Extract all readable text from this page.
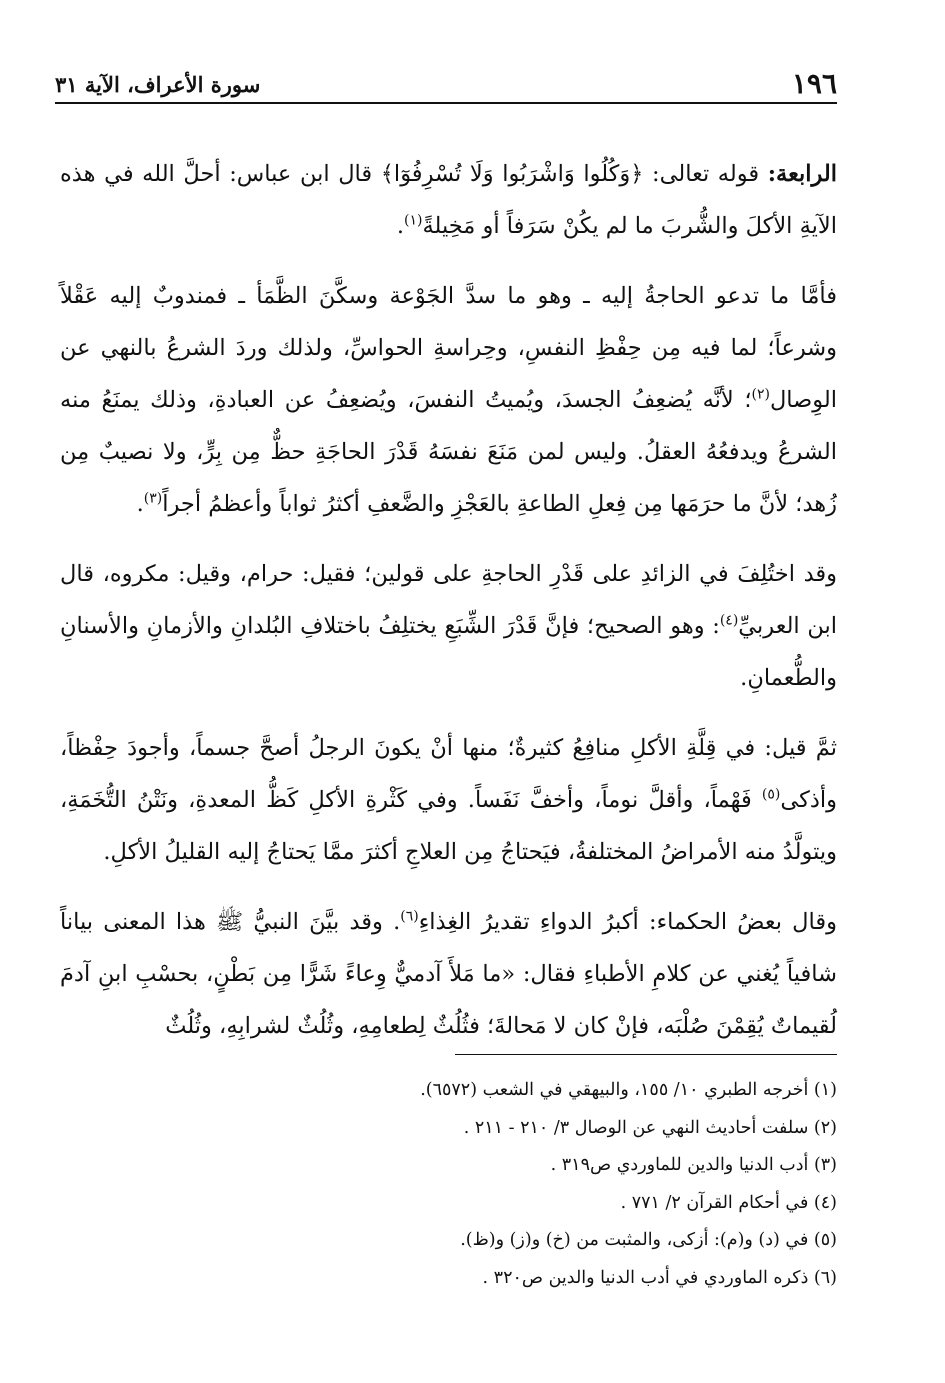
١٩٦
سورة الأعراف، الآية ٣١

الرابعة: قوله تعالى: ﴿وَكُلُوا وَاشْرَبُوا وَلَا تُسْرِفُوٓا﴾ قال ابن عباس: أحلَّ الله في هذه الآيةِ الأكلَ والشُّربَ ما لم يكُنْ سَرَفاً أو مَخِيلةً$^{(١)}$.

فأمَّا ما تدعو الحاجةُ إليه ـ وهو ما سدَّ الجَوْعة وسكَّنَ الظَّمَأ ـ فمندوبٌ إليه عَقْلاً وشرعاً؛ لما فيه مِن حِفْظِ النفسِ، وحِراسةِ الحواسِّ، ولذلك وردَ الشرعُ بالنهي عن الوِصال$^{(٢)}$؛ لأنَّه يُضعِفُ الجسدَ، ويُميتُ النفسَ، ويُضعِفُ عن العبادةِ، وذلك يمنَعُ منه الشرعُ ويدفعُهُ العقلُ. وليس لمن مَنَعَ نفسَهُ قَدْرَ الحاجَةِ حظٌّ مِن بِرٍّ، ولا نصيبٌ مِن زُهد؛ لأنَّ ما حرَمَها مِن فِعلِ الطاعةِ بالعَجْزِ والضَّعفِ أكثرُ ثواباً وأعظمُ أجراً$^{(٣)}$.

وقد اختُلِفَ في الزائدِ على قَدْرِ الحاجةِ على قولين؛ فقيل: حرام، وقيل: مكروه، قال ابن العربيِّ$^{(٤)}$: وهو الصحيح؛ فإنَّ قَدْرَ الشِّبَعِ يختلِفُ باختلافِ البُلدانِ والأزمانِ والأسنانِ والطُّعمانِ.

ثمَّ قيل: في قِلَّةِ الأكلِ منافِعُ كثيرةٌ؛ منها أنْ يكونَ الرجلُ أصحَّ جسماً، وأجودَ حِفْظاً، وأذكى$^{(٥)}$ فَهْماً، وأقلَّ نوماً، وأخفَّ نَفَساً. وفي كَثْرةِ الأكلِ كَظُّ المعدةِ، ونَتْنُ التُّخَمَةِ، ويتولَّدُ منه الأمراضُ المختلفةُ، فيَحتاجُ مِن العلاجِ أكثرَ ممَّا يَحتاجُ إليه القليلُ الأكلِ.

وقال بعضُ الحكماء: أكبرُ الدواءِ تقديرُ الغِذاءِ$^{(٦)}$. وقد بيَّنَ النبيُّ ﷺ هذا المعنى بياناً شافياً يُغني عن كلامِ الأطباءِ فقال: «ما مَلأَ آدميٌّ وِعاءً شَرًّا مِن بَطْنٍ، بحسْبِ ابنِ آدمَ لُقيماتٌ يُقِمْنَ صُلْبَه، فإنْ كان لا مَحالةَ؛ فثُلُثٌ لِطعامِهِ، وثُلُثٌ لشرابِهِ، وثُلُثٌ

(١) أخرجه الطبري ١٠/ ١٥٥، والبيهقي في الشعب (٦٥٧٢).
(٢) سلفت أحاديث النهي عن الوصال ٣/ ٢١٠ - ٢١١ .
(٣) أدب الدنيا والدين للماوردي ص٣١٩ .
(٤) في أحكام القرآن ٢/ ٧٧١ .
(٥) في (د) و(م): أزكى، والمثبت من (خ) و(ز) و(ظ).
(٦) ذكره الماوردي في أدب الدنيا والدين ص٣٢٠ .
